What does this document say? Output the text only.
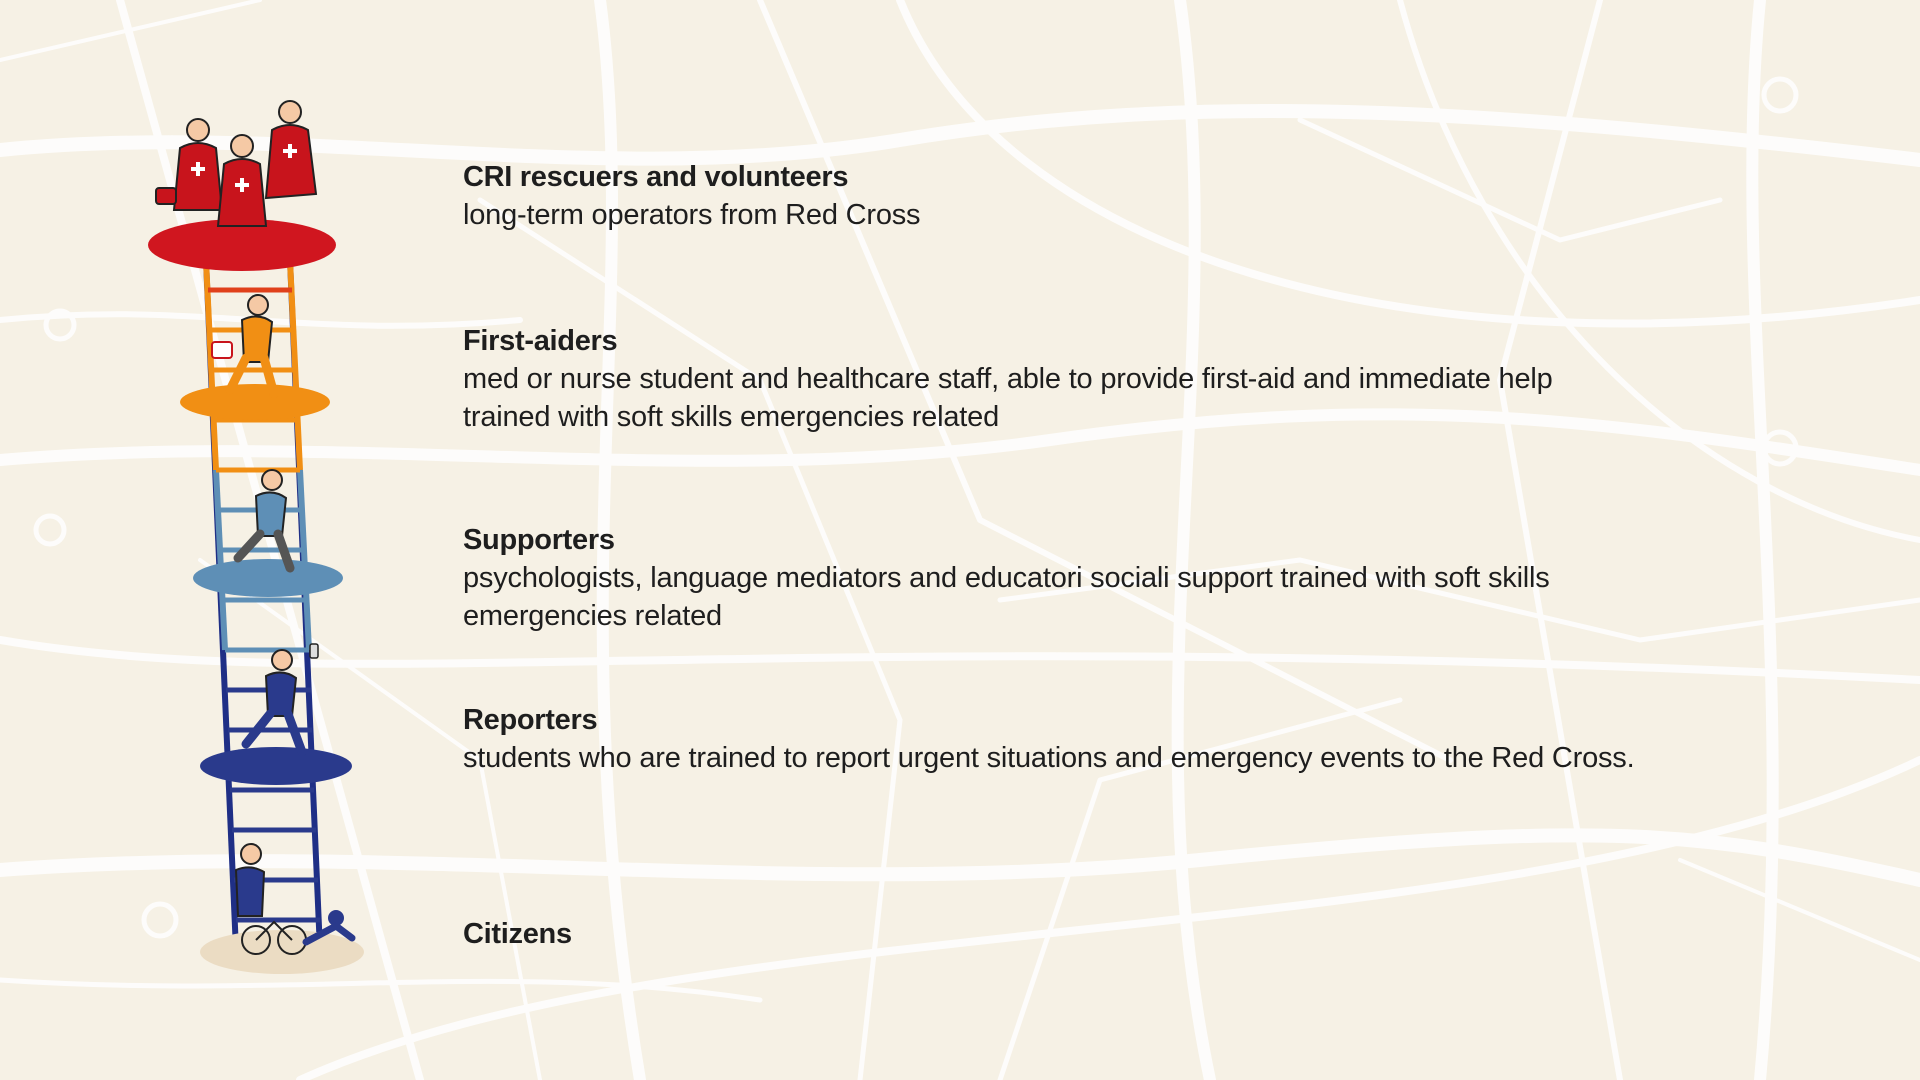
CRI rescuers and volunteers
long-term operators from Red Cross
First-aiders
med or nurse student and healthcare staff, able to provide first-aid and immediate help trained with soft skills emergencies related
Supporters
psychologists, language mediators and educatori sociali support trained with soft skills emergencies related
Reporters
students who are trained to report urgent situations and emergency events to the Red Cross.
Citizens
